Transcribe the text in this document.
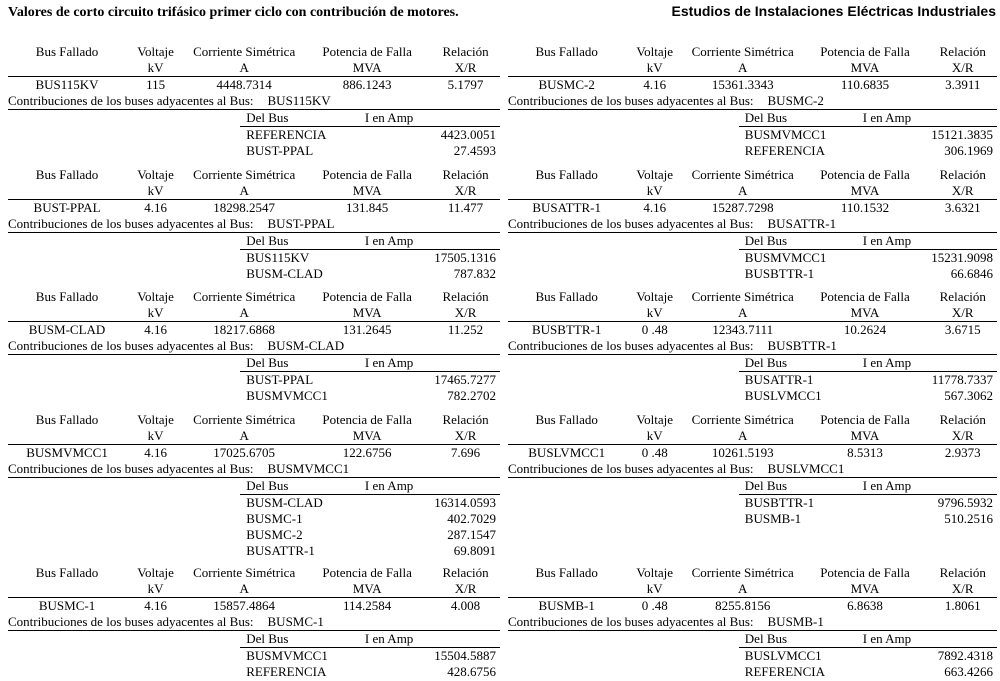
Valores de corto circuito trifásico primer ciclo con contribución de motores.	Estudios de Instalaciones Eléctricas Industriales
Bus Fallado	Voltaje	Corriente Simétrica	Potencia de Falla	Relación
	kV	A	MVA	X/R
BUS115KV	115	4448.7314	886.1243	5.1797
Contribuciones de los buses adyacentes al Bus: BUS115KV
Del Bus	I en Amp
REFERENCIA	4423.0051
BUST-PPAL	27.4593
Bus Fallado	Voltaje	Corriente Simétrica	Potencia de Falla	Relación
	kV	A	MVA	X/R
BUST-PPAL	4.16	18298.2547	131.845	11.477
Contribuciones de los buses adyacentes al Bus: BUST-PPAL
Del Bus	I en Amp
BUS115KV	17505.1316
BUSM-CLAD	787.832
Bus Fallado	Voltaje	Corriente Simétrica	Potencia de Falla	Relación
	kV	A	MVA	X/R
BUSM-CLAD	4.16	18217.6868	131.2645	11.252
Contribuciones de los buses adyacentes al Bus: BUSM-CLAD
Del Bus	I en Amp
BUST-PPAL	17465.7277
BUSMVMCC1	782.2702
Bus Fallado	Voltaje	Corriente Simétrica	Potencia de Falla	Relación
	kV	A	MVA	X/R
BUSMVMCC1	4.16	17025.6705	122.6756	7.696
Contribuciones de los buses adyacentes al Bus: BUSMVMCC1
Del Bus	I en Amp
BUSM-CLAD	16314.0593
BUSMC-1	402.7029
BUSMC-2	287.1547
BUSATTR-1	69.8091
Bus Fallado	Voltaje	Corriente Simétrica	Potencia de Falla	Relación
	kV	A	MVA	X/R
BUSMC-1	4.16	15857.4864	114.2584	4.008
Contribuciones de los buses adyacentes al Bus: BUSMC-1
Del Bus	I en Amp
BUSMVMCC1	15504.5887
REFERENCIA	428.6756
Bus Fallado	Voltaje	Corriente Simétrica	Potencia de Falla	Relación
	kV	A	MVA	X/R
BUSMC-2	4.16	15361.3343	110.6835	3.3911
Contribuciones de los buses adyacentes al Bus: BUSMC-2
Del Bus	I en Amp
BUSMVMCC1	15121.3835
REFERENCIA	306.1969
Bus Fallado	Voltaje	Corriente Simétrica	Potencia de Falla	Relación
	kV	A	MVA	X/R
BUSATTR-1	4.16	15287.7298	110.1532	3.6321
Contribuciones de los buses adyacentes al Bus: BUSATTR-1
Del Bus	I en Amp
BUSMVMCC1	15231.9098
BUSBTTR-1	66.6846
Bus Fallado	Voltaje	Corriente Simétrica	Potencia de Falla	Relación
	kV	A	MVA	X/R
BUSBTTR-1	0 .48	12343.7111	10.2624	3.6715
Contribuciones de los buses adyacentes al Bus: BUSBTTR-1
Del Bus	I en Amp
BUSATTR-1	11778.7337
BUSLVMCC1	567.3062
Bus Fallado	Voltaje	Corriente Simétrica	Potencia de Falla	Relación
	kV	A	MVA	X/R
BUSLVMCC1	0 .48	10261.5193	8.5313	2.9373
Contribuciones de los buses adyacentes al Bus: BUSLVMCC1
Del Bus	I en Amp
BUSBTTR-1	9796.5932
BUSMB-1	510.2516
Bus Fallado	Voltaje	Corriente Simétrica	Potencia de Falla	Relación
	kV	A	MVA	X/R
BUSMB-1	0 .48	8255.8156	6.8638	1.8061
Contribuciones de los buses adyacentes al Bus: BUSMB-1
Del Bus	I en Amp
BUSLVMCC1	7892.4318
REFERENCIA	663.4266
